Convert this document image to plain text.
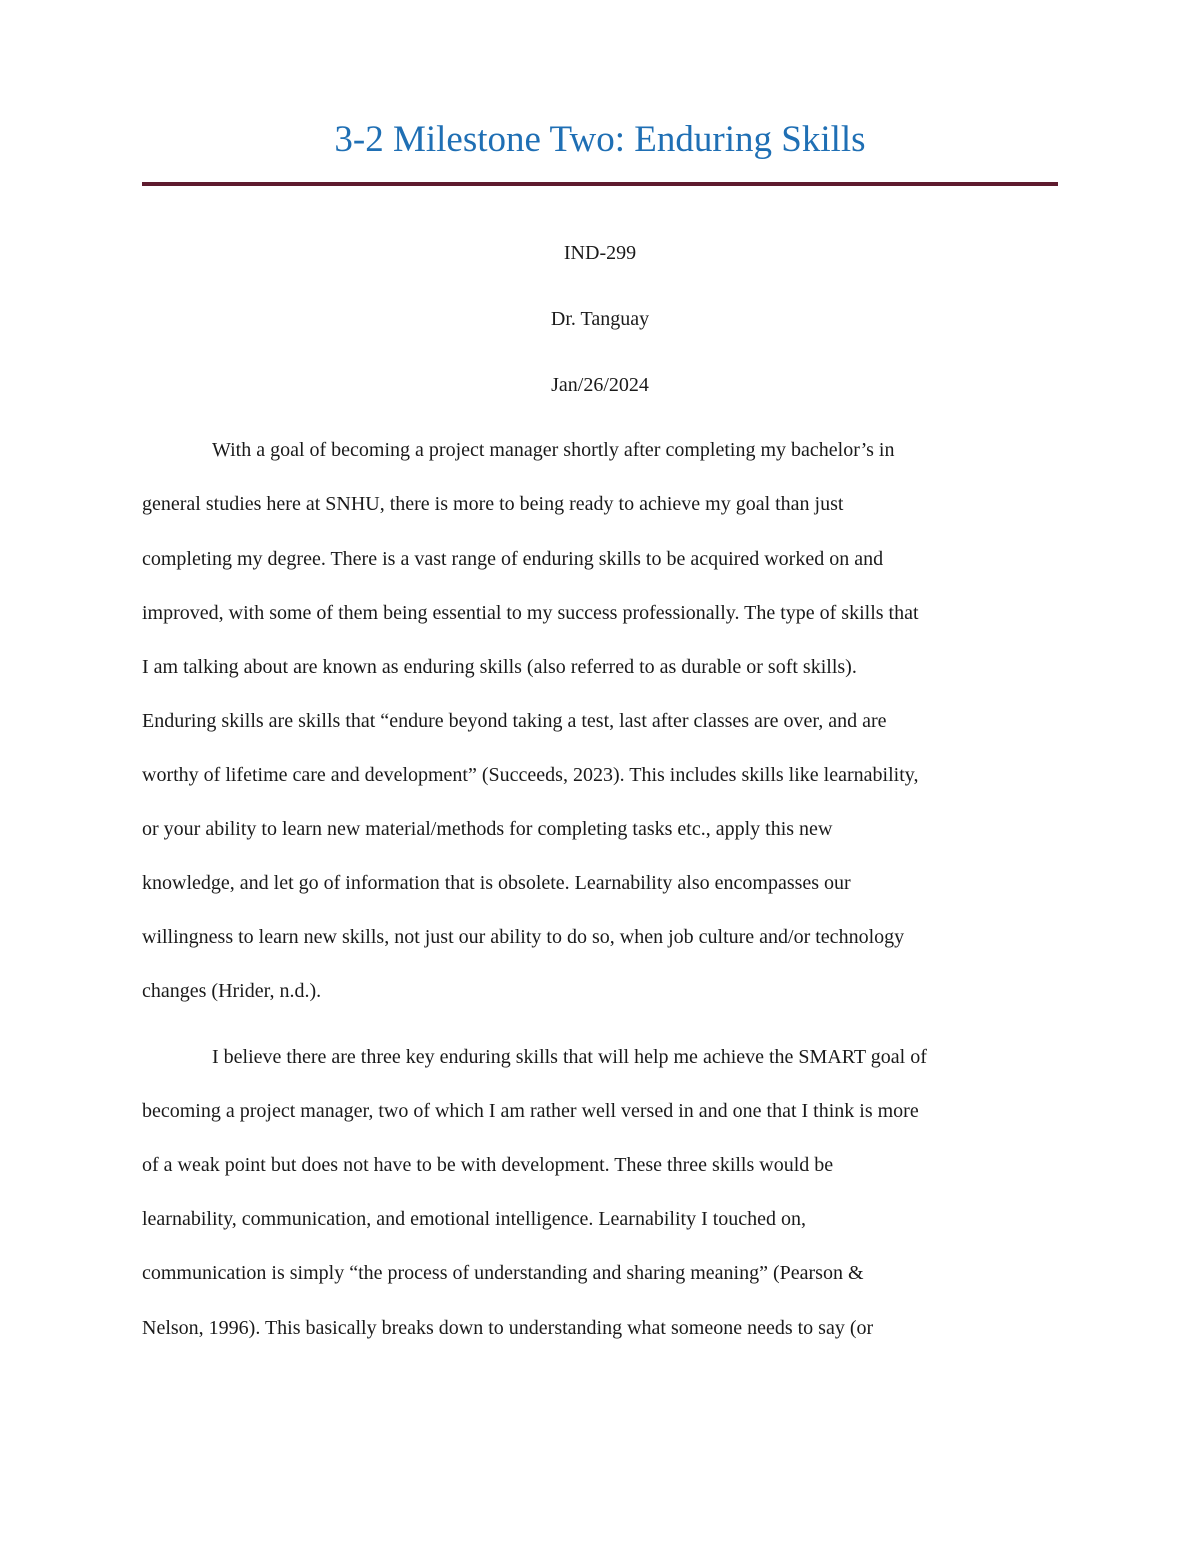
3-2 Milestone Two: Enduring Skills
IND-299
Dr. Tanguay
Jan/26/2024
With a goal of becoming a project manager shortly after completing my bachelor’s in
general studies here at SNHU, there is more to being ready to achieve my goal than just
completing my degree. There is a vast range of enduring skills to be acquired worked on and
improved, with some of them being essential to my success professionally. The type of skills that
I am talking about are known as enduring skills (also referred to as durable or soft skills).
Enduring skills are skills that “endure beyond taking a test, last after classes are over, and are
worthy of lifetime care and development” (Succeeds, 2023). This includes skills like learnability,
or your ability to learn new material/methods for completing tasks etc., apply this new
knowledge, and let go of information that is obsolete. Learnability also encompasses our
willingness to learn new skills, not just our ability to do so, when job culture and/or technology
changes (Hrider, n.d.).
I believe there are three key enduring skills that will help me achieve the SMART goal of
becoming a project manager, two of which I am rather well versed in and one that I think is more
of a weak point but does not have to be with development. These three skills would be
learnability, communication, and emotional intelligence. Learnability I touched on,
communication is simply “the process of understanding and sharing meaning” (Pearson &
Nelson, 1996). This basically breaks down to understanding what someone needs to say (or
